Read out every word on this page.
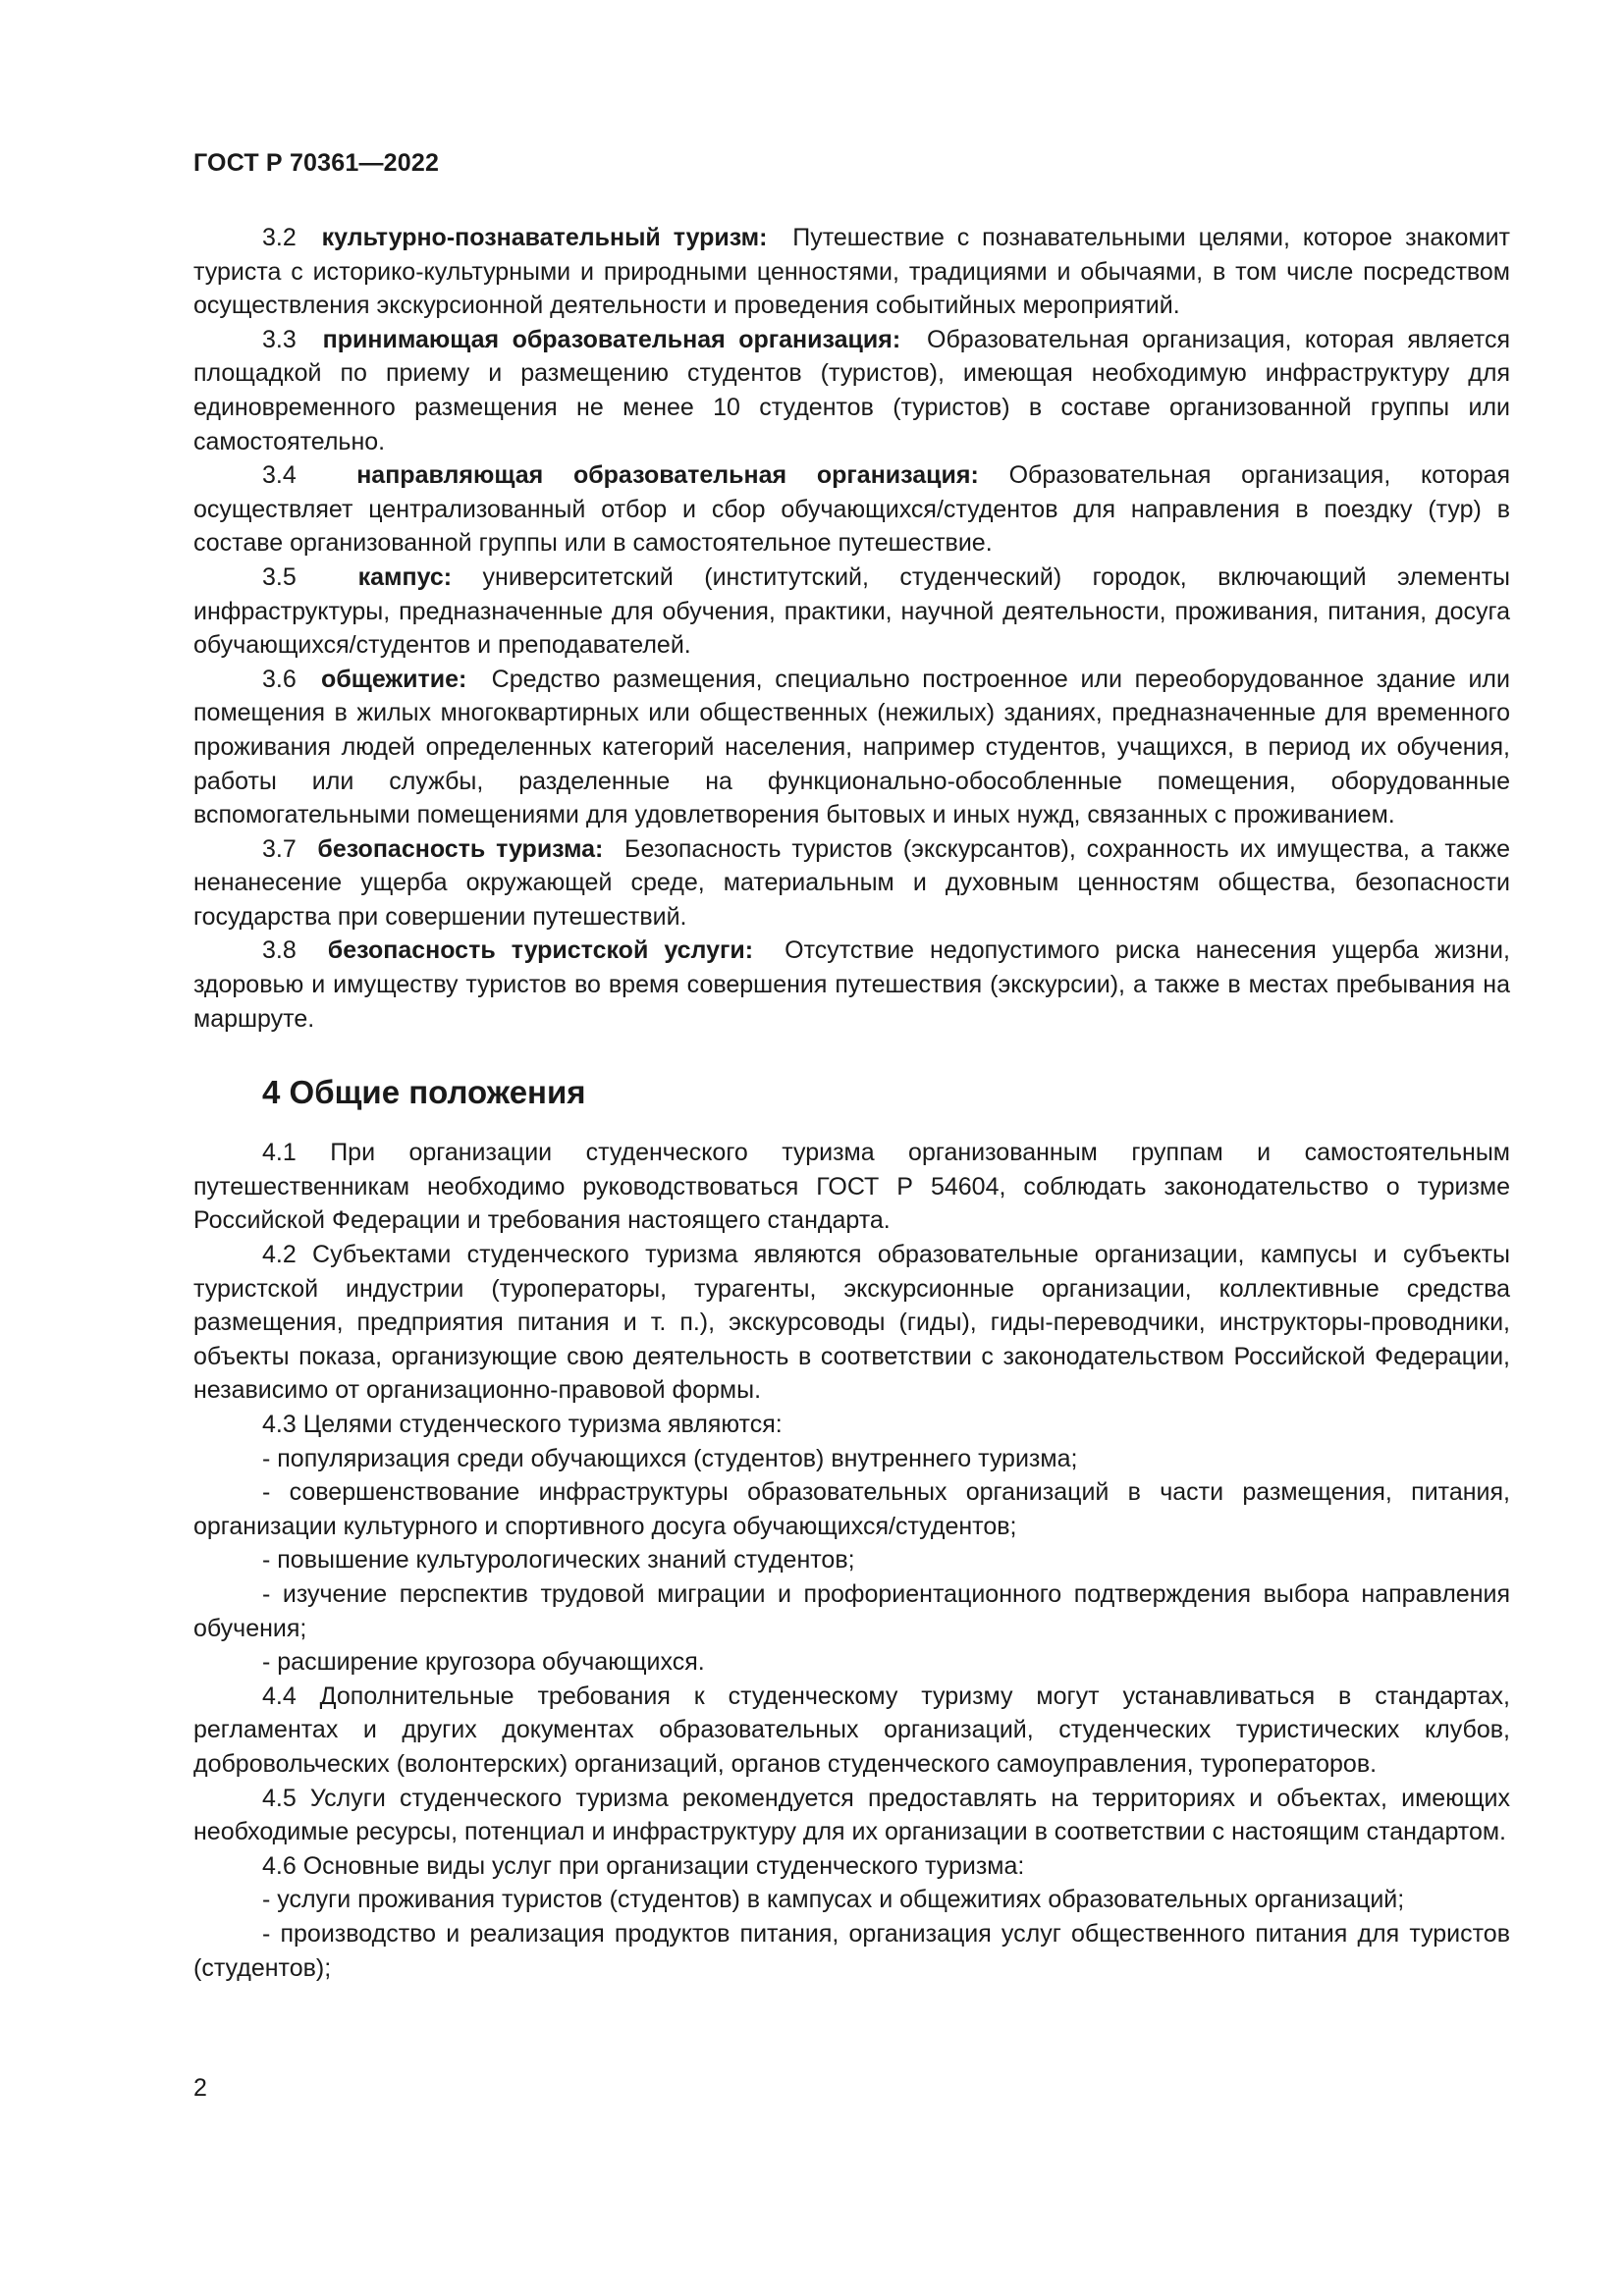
ГОСТ Р 70361—2022

3.2 культурно-познавательный туризм: Путешествие с познавательными целями, которое знакомит туриста с историко-культурными и природными ценностями, традициями и обычаями, в том числе посредством осуществления экскурсионной деятельности и проведения событийных мероприятий.

3.3 принимающая образовательная организация: Образовательная организация, которая является площадкой по приему и размещению студентов (туристов), имеющая необходимую инфраструктуру для единовременного размещения не менее 10 студентов (туристов) в составе организованной группы или самостоятельно.

3.4 направляющая образовательная организация: Образовательная организация, которая осуществляет централизованный отбор и сбор обучающихся/студентов для направления в поездку (тур) в составе организованной группы или в самостоятельное путешествие.

3.5	кампус: университетский (институтский, студенческий) городок, включающий элементы инфраструктуры, предназначенные для обучения, практики, научной деятельности, проживания, питания, досуга обучающихся/студентов и преподавателей.

3.6 общежитие: Средство размещения, специально построенное или переоборудованное здание или помещения в жилых многоквартирных или общественных (нежилых) зданиях, предназначенные для временного проживания людей определенных категорий населения, например студентов, учащихся, в период их обучения, работы или службы, разделенные на функционально-обособленные помещения, оборудованные вспомогательными помещениями для удовлетворения бытовых и иных нужд, связанных с проживанием.

3.7 безопасность туризма: Безопасность туристов (экскурсантов), сохранность их имущества, а также ненанесение ущерба окружающей среде, материальным и духовным ценностям общества, безопасности государства при совершении путешествий.

3.8 безопасность туристской услуги: Отсутствие недопустимого риска нанесения ущерба жизни, здоровью и имуществу туристов во время совершения путешествия (экскурсии), а также в местах пребывания на маршруте.

4 Общие положения

4.1 При организации студенческого туризма организованным группам и самостоятельным путешественникам необходимо руководствоваться ГОСТ Р 54604, соблюдать законодательство о туризме Российской Федерации и требования настоящего стандарта.

4.2 Субъектами студенческого туризма являются образовательные организации, кампусы и субъекты туристской индустрии (туроператоры, турагенты, экскурсионные организации, коллективные средства размещения, предприятия питания и т. п.), экскурсоводы (гиды), гиды-переводчики, инструкторы-проводники, объекты показа, организующие свою деятельность в соответствии с законодательством Российской Федерации, независимо от организационно-правовой формы.

4.3 Целями студенческого туризма являются:

- популяризация среди обучающихся (студентов) внутреннего туризма;

- совершенствование инфраструктуры образовательных организаций в части размещения, питания, организации культурного и спортивного досуга обучающихся/студентов;

- повышение культурологических знаний студентов;

- изучение перспектив трудовой миграции и профориентационного подтверждения выбора направления обучения;

- расширение кругозора обучающихся.

4.4 Дополнительные требования к студенческому туризму могут устанавливаться в стандартах, регламентах и других документах образовательных организаций, студенческих туристических клубов, добровольческих (волонтерских) организаций, органов студенческого самоуправления, туроператоров.

4.5 Услуги студенческого туризма рекомендуется предоставлять на территориях и объектах, имеющих необходимые ресурсы, потенциал и инфраструктуру для их организации в соответствии с настоящим стандартом.

4.6 Основные виды услуг при организации студенческого туризма:

- услуги проживания туристов (студентов) в кампусах и общежитиях образовательных организаций;

- производство и реализация продуктов питания, организация услуг общественного питания для туристов (студентов);

2
